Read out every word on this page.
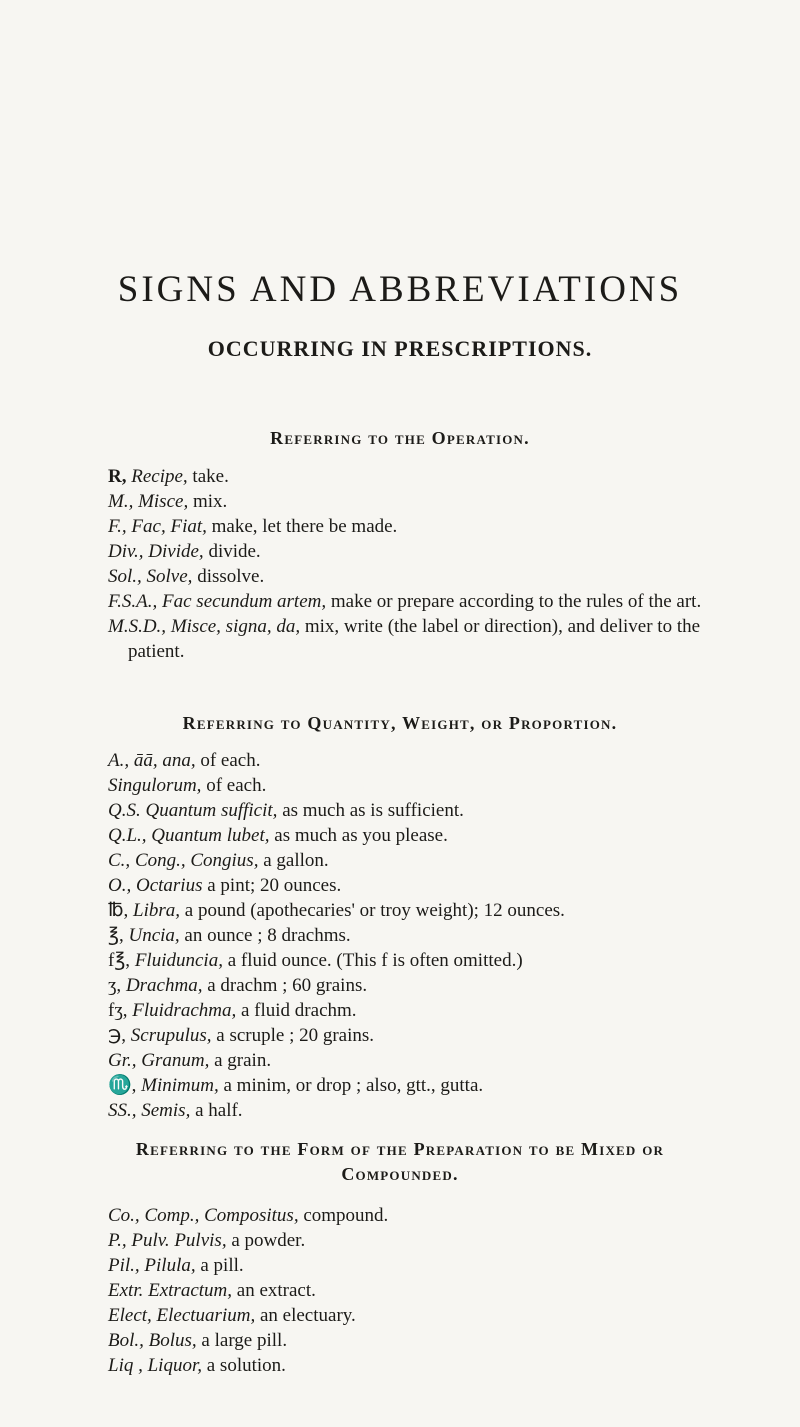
SIGNS AND ABBREVIATIONS
OCCURRING IN PRESCRIPTIONS.
Referring to the Operation.
R, Recipe, take.
M., Misce, mix.
F., Fac, Fiat, make, let there be made.
Div., Divide, divide.
Sol., Solve, dissolve.
F.S.A., Fac secundum artem, make or prepare according to the rules of the art.
M.S.D., Misce, signa, da, mix, write (the label or direction), and deliver to the patient.
Referring to Quantity, Weight, or Proportion.
A., āā, ana, of each.
Singulorum, of each.
Q.S. Quantum sufficit, as much as is sufficient.
Q.L., Quantum lubet, as much as you please.
C., Cong., Congius, a gallon.
O., Octarius a pint; 20 ounces.
℔, Libra, a pound (apothecaries' or troy weight); 12 ounces.
℥, Uncia, an ounce ; 8 drachms.
f℥, Fluiduncia, a fluid ounce. (This f is often omitted.)
ʒ, Drachma, a drachm ; 60 grains.
fʒ, Fluidrachma, a fluid drachm.
℈, Scrupulus, a scruple ; 20 grains.
Gr., Granum, a grain.
♏, Minimum, a minim, or drop ; also, gtt., gutta.
SS., Semis, a half.
Referring to the Form of the Preparation to be Mixed or Compounded.
Co., Comp., Compositus, compound.
P., Pulv. Pulvis, a powder.
Pil., Pilula, a pill.
Extr. Extractum, an extract.
Elect, Electuarium, an electuary.
Bol., Bolus, a large pill.
Liq , Liquor, a solution.
